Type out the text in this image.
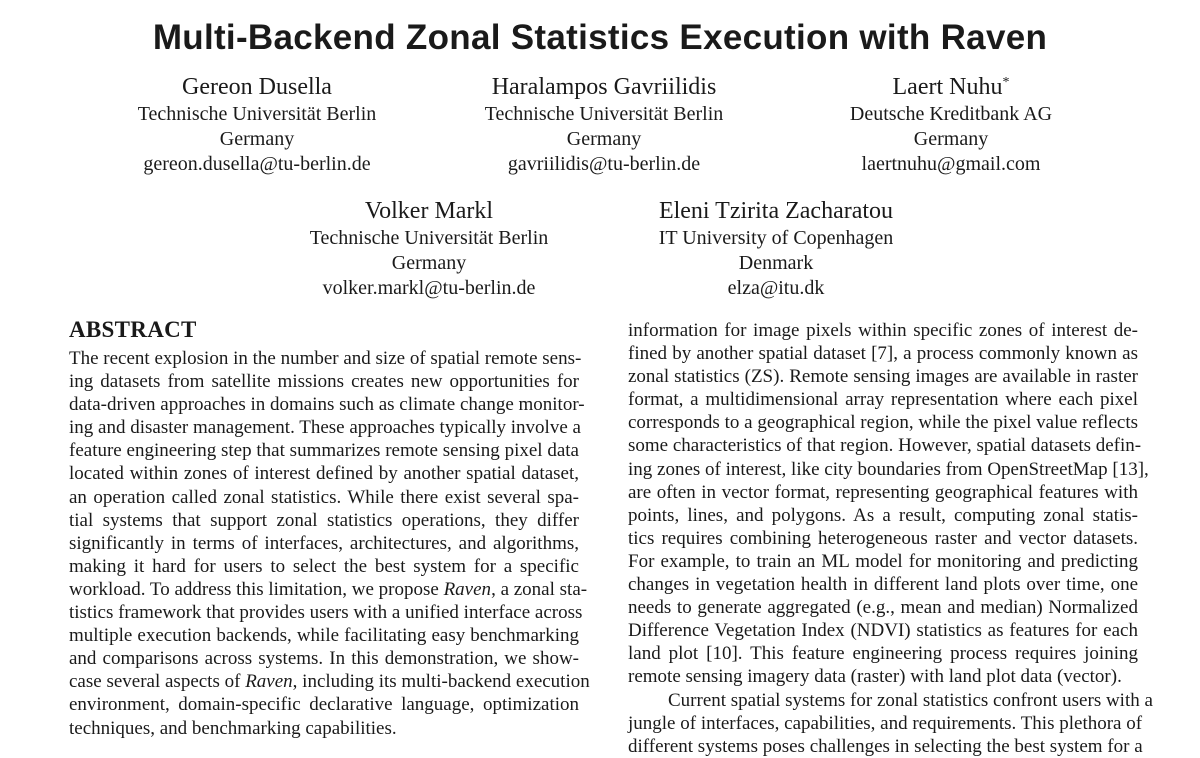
Multi-Backend Zonal Statistics Execution with Raven
Gereon Dusella
Technische Universität Berlin
Germany
gereon.dusella@tu-berlin.de
Haralampos Gavriilidis
Technische Universität Berlin
Germany
gavriilidis@tu-berlin.de
Laert Nuhu*
Deutsche Kreditbank AG
Germany
laertnuhu@gmail.com
Volker Markl
Technische Universität Berlin
Germany
volker.markl@tu-berlin.de
Eleni Tzirita Zacharatou
IT University of Copenhagen
Denmark
elza@itu.dk
ABSTRACT
The recent explosion in the number and size of spatial remote sens-
ing datasets from satellite missions creates new opportunities for
data-driven approaches in domains such as climate change monitor-
ing and disaster management. These approaches typically involve a
feature engineering step that summarizes remote sensing pixel data
located within zones of interest defined by another spatial dataset,
an operation called zonal statistics. While there exist several spa-
tial systems that support zonal statistics operations, they differ
significantly in terms of interfaces, architectures, and algorithms,
making it hard for users to select the best system for a specific
workload. To address this limitation, we propose Raven, a zonal sta-
tistics framework that provides users with a unified interface across
multiple execution backends, while facilitating easy benchmarking
and comparisons across systems. In this demonstration, we show-
case several aspects of Raven, including its multi-backend execution
environment, domain-specific declarative language, optimization
techniques, and benchmarking capabilities.
information for image pixels within specific zones of interest de-
fined by another spatial dataset [7], a process commonly known as
zonal statistics (ZS). Remote sensing images are available in raster
format, a multidimensional array representation where each pixel
corresponds to a geographical region, while the pixel value reflects
some characteristics of that region. However, spatial datasets defin-
ing zones of interest, like city boundaries from OpenStreetMap [13],
are often in vector format, representing geographical features with
points, lines, and polygons. As a result, computing zonal statis-
tics requires combining heterogeneous raster and vector datasets.
For example, to train an ML model for monitoring and predicting
changes in vegetation health in different land plots over time, one
needs to generate aggregated (e.g., mean and median) Normalized
Difference Vegetation Index (NDVI) statistics as features for each
land plot [10]. This feature engineering process requires joining
remote sensing imagery data (raster) with land plot data (vector).
Current spatial systems for zonal statistics confront users with a
jungle of interfaces, capabilities, and requirements. This plethora of
different systems poses challenges in selecting the best system for a
